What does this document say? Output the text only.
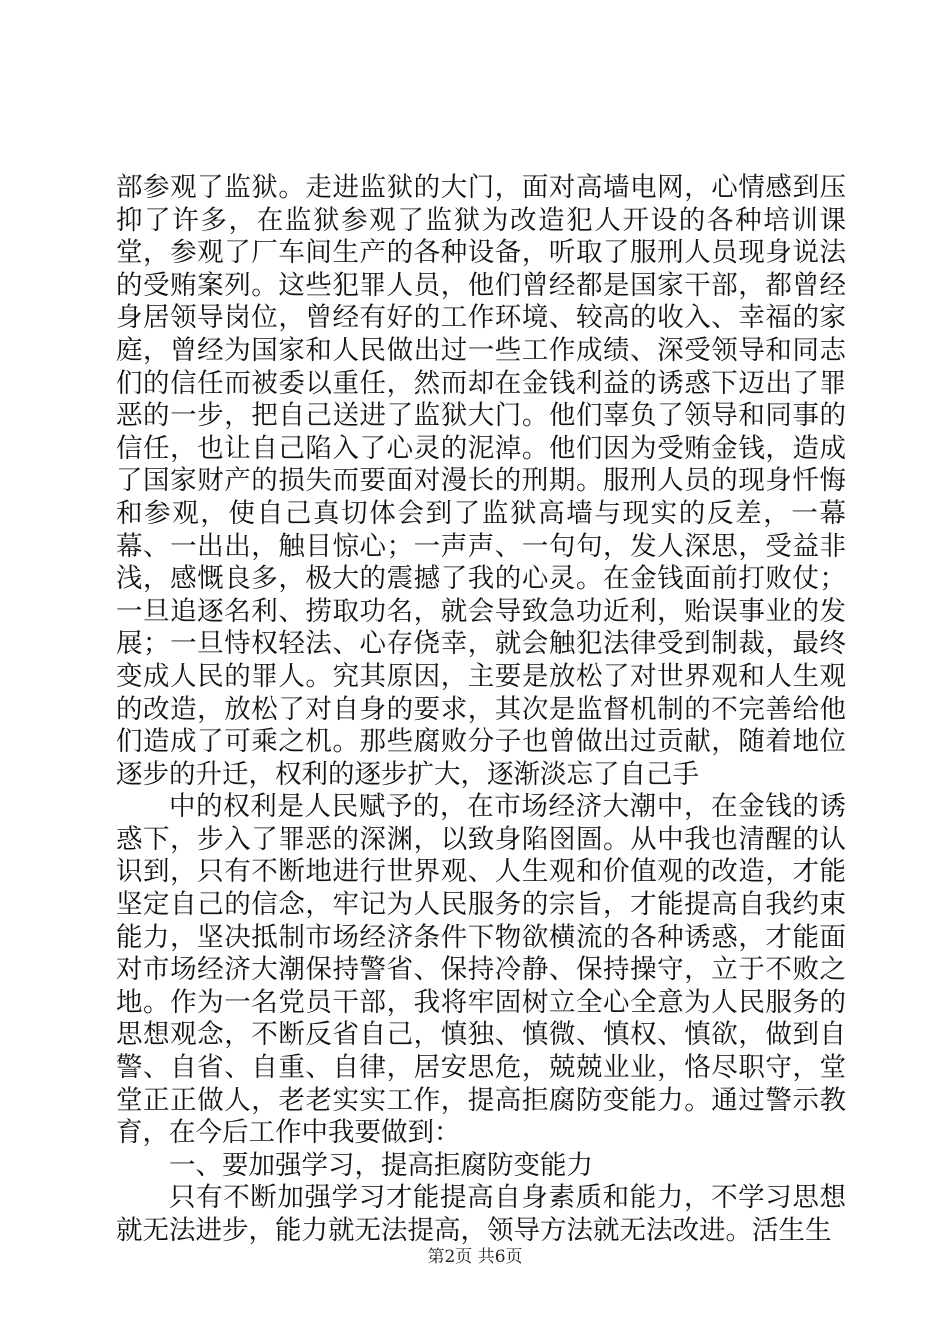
部参观了监狱。走进监狱的大门，面对高墙电网，心情感到压抑了许多，在监狱参观了监狱为改造犯人开设的各种培训课堂，参观了厂车间生产的各种设备，听取了服刑人员现身说法的受贿案列。这些犯罪人员，他们曾经都是国家干部，都曾经身居领导岗位，曾经有好的工作环境、较高的收入、幸福的家庭，曾经为国家和人民做出过一些工作成绩、深受领导和同志们的信任而被委以重任，然而却在金钱利益的诱惑下迈出了罪恶的一步，把自己送进了监狱大门。他们辜负了领导和同事的信任，也让自己陷入了心灵的泥淖。他们因为受贿金钱，造成了国家财产的损失而要面对漫长的刑期。服刑人员的现身忏悔和参观，使自己真切体会到了监狱高墙与现实的反差，一幕幕、一出出，触目惊心；一声声、一句句，发人深思，受益非浅，感慨良多，极大的震撼了我的心灵。在金钱面前打败仗；一旦追逐名利、捞取功名，就会导致急功近利，贻误事业的发展；一旦恃权轻法、心存侥幸，就会触犯法律受到制裁，最终变成人民的罪人。究其原因，主要是放松了对世界观和人生观的改造，放松了对自身的要求，其次是监督机制的不完善给他们造成了可乘之机。那些腐败分子也曾做出过贡献，随着地位逐步的升迁，权利的逐步扩大，逐渐淡忘了自己手

中的权利是人民赋予的，在市场经济大潮中，在金钱的诱惑下，步入了罪恶的深渊，以致身陷囹圄。从中我也清醒的认识到，只有不断地进行世界观、人生观和价值观的改造，才能坚定自己的信念，牢记为人民服务的宗旨，才能提高自我约束能力，坚决抵制市场经济条件下物欲横流的各种诱惑，才能面对市场经济大潮保持警省、保持冷静、保持操守，立于不败之地。作为一名党员干部，我将牢固树立全心全意为人民服务的思想观念，不断反省自己，慎独、慎微、慎权、慎欲，做到自警、自省、自重、自律，居安思危，兢兢业业，恪尽职守，堂堂正正做人，老老实实工作，提高拒腐防变能力。通过警示教育，在今后工作中我要做到：

一、要加强学习，提高拒腐防变能力

只有不断加强学习才能提高自身素质和能力，不学习思想就无法进步，能力就无法提高，领导方法就无法改进。活生生

第2页 共6页
